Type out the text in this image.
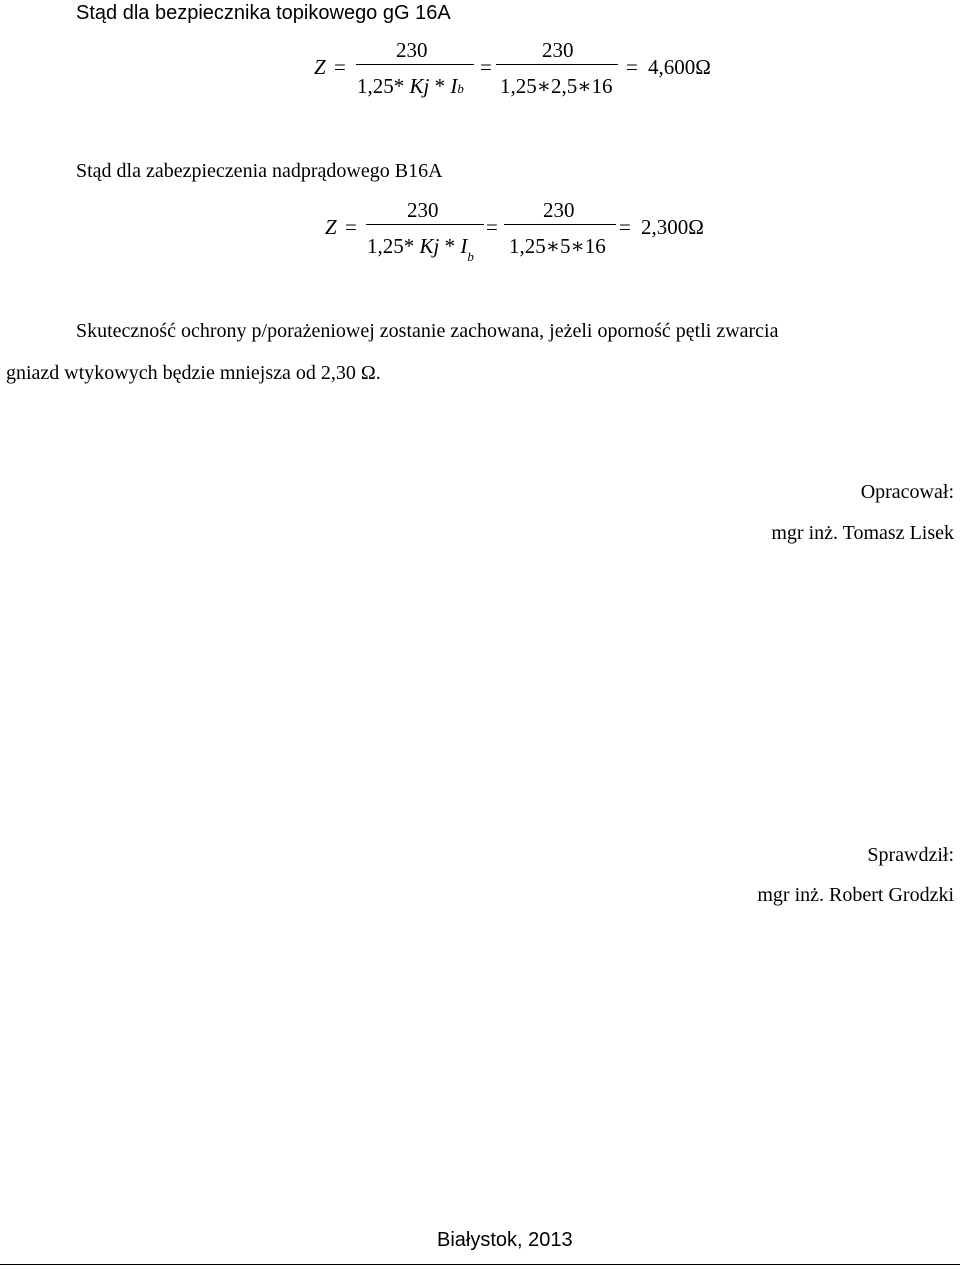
Stąd dla bezpiecznika topikowego gG 16A
Z =
230
1,25* Kj * Ib
=
230
1,25∗2,5∗16
= 4,600Ω
Stąd dla zabezpieczenia nadprądowego B16A
Z =
230
1,25* Kj * $I_b$
=
230
1,25∗5∗16
= 2,300Ω
Skuteczność ochrony p/porażeniowej zostanie zachowana, jeżeli oporność pętli zwarcia
gniazd wtykowych będzie mniejsza od 2,30 Ω.
Opracował:
mgr inż. Tomasz Lisek
Sprawdził:
mgr inż. Robert Grodzki
Białystok, 2013
